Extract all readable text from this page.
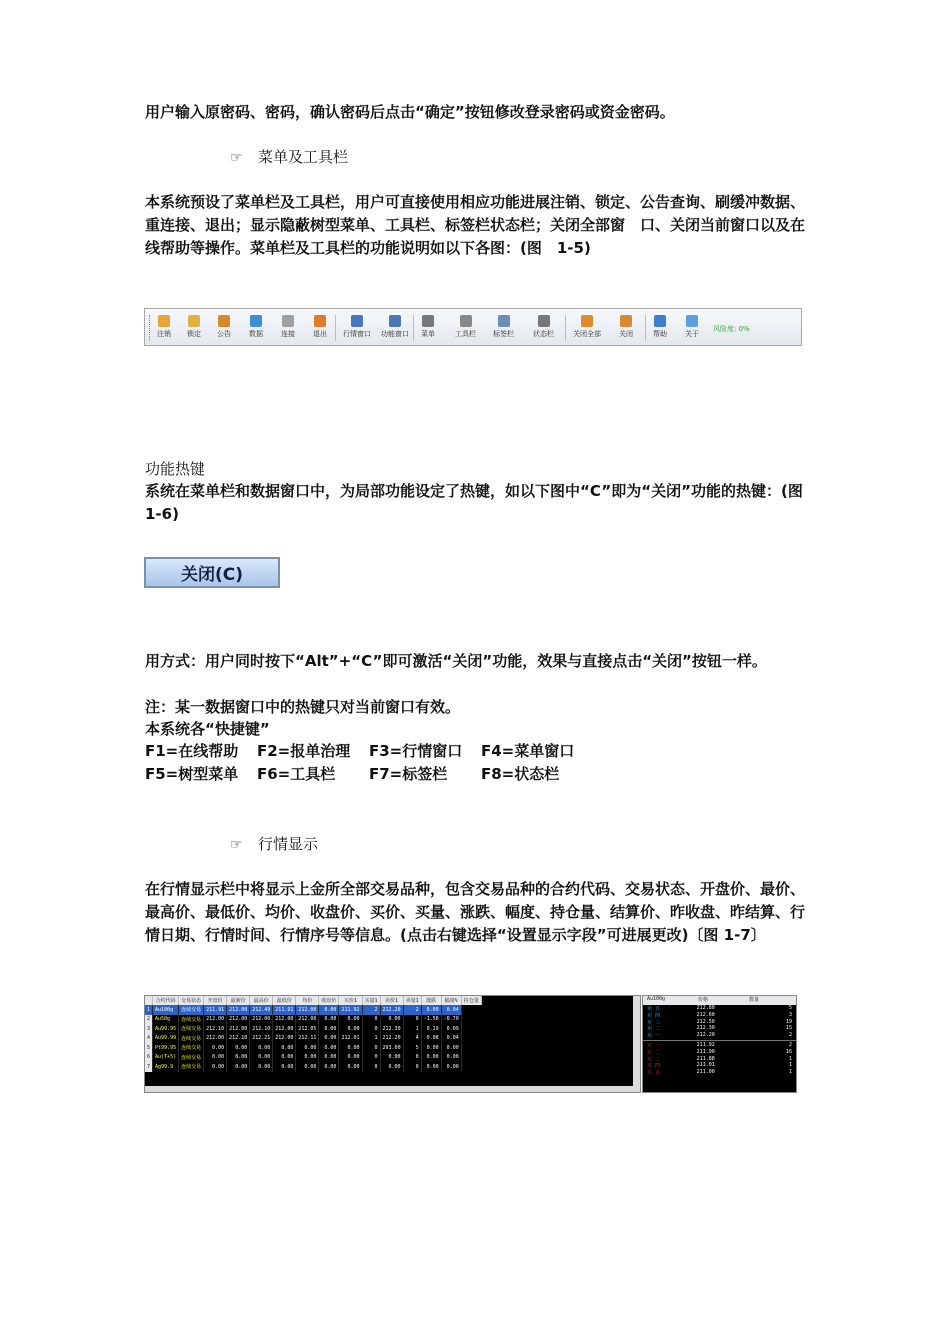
用户输入原密码、密码，确认密码后点击“确定”按钮修改登录密码或资金密码。

☞ 菜单及工具栏

本系统预设了菜单栏及工具栏，用户可直接使用相应功能进展注销、锁定、公告查询、刷缓冲数据、重连接、退出；显示隐蔽树型菜单、工具栏、标签栏状态栏；关闭全部窗　口、关闭当前窗口以及在线帮助等操作。菜单栏及工具栏的功能说明如以下各图：(图　1-5)

风险度: 0%
注销 锁定 公告	数据	连接	退出 行情窗口 功能窗口 菜单	工具栏 标签栏	状态栏	关闭全部	关闭	帮助	关于
功能热键

系统在菜单栏和数据窗口中，为局部功能设定了热键，如以下图中“C”即为“关闭”功能的热键：(图　1-6)

关闭(C)

用方式：用户同时按下“Alt”+“C”即可激活“关闭”功能，效果与直接点击“关闭”按钮一样。

注：某一数据窗口中的热键只对当前窗口有效。
本系统各“快捷键”
F1=在线帮助 F2=报单治理 F3=行情窗口 F4=菜单窗口
F5=树型菜单 F6=工具栏 F7=标签栏 F8=状态栏
☞ 行情显示

在行情显示栏中将显示上金所全部交易品种，包含交易品种的合约代码、交易状态、开盘价、最价、最高价、最低价、均价、收盘价、买价、买量、涨跌、幅度、持仓量、结算价、昨收盘、昨结算、行情日期、行情时间、行情序号等信息。(点击右键选择“设置显示字段”可进展更改)〔图 1-7〕

	合约代码	交易状态	开盘价	最新价	最高价	最低价	均价	收盘价	买价1	买量1	卖价1	卖量1	涨跌	幅度%	持仓量
1	Au100g	连续交易	211.91	212.00	212.49	211.91	212.00	0.00	211.92	2	212.20	2	0.09	0.04	
2	Au50g	连续交易	212.00	212.00	212.00	212.00	212.00	0.00	0.00	0	0.00	0	-1.50	-0.70	
3	Au99.95	连续交易	212.10	212.00	212.10	212.00	212.05	0.00	0.00	0	212.30	1	0.19	0.09	
4	Au99.99	连续交易	212.00	212.10	212.21	212.00	212.11	0.00	212.01	1	212.20	4	0.08	0.04	
5	Pt99.95	连续交易	0.00	0.00	0.00	0.00	0.00	0.00	0.00	0	293.00	5	0.00	0.00	
6	Au(T+5)	连续交易	0.00	0.00	0.00	0.00	0.00	0.00	0.00	0	0.00	0	0.00	0.00	
7	Ag99.9	连续交易	0.00	0.00	0.00	0.00	0.00	0.00	0.00	0	0.00	0	0.00	0.00	
Au100g	价格	数量
卖 五	212.80	5
卖 四	212.60	3
卖 三	212.50	19
卖 二	212.30	15
卖 一	212.20	2
买 一	211.92	2
买 二	211.90	16
买 三	211.88	1
买 四	211.01	1
买 五	211.00	1
